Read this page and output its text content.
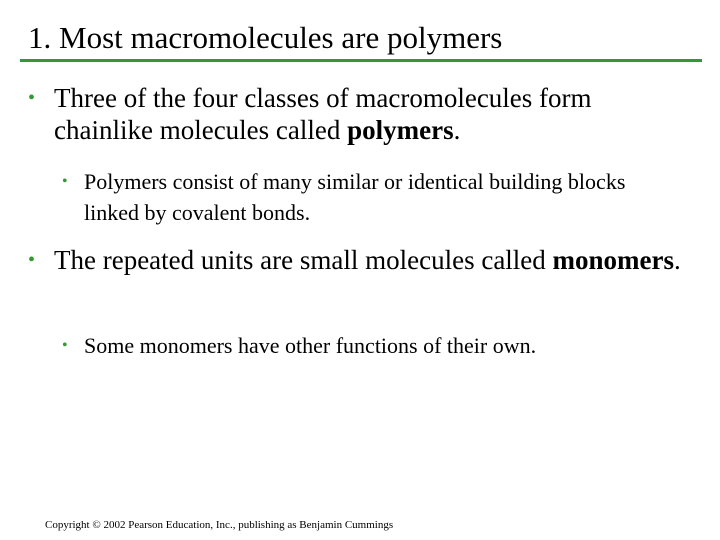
1. Most macromolecules are polymers
• Three of the four classes of macromolecules form chainlike molecules called polymers.
• Polymers consist of many similar or identical building blocks linked by covalent bonds.
• The repeated units are small molecules called monomers.
• Some monomers have other functions of their own.
Copyright © 2002 Pearson Education, Inc., publishing as Benjamin Cummings
